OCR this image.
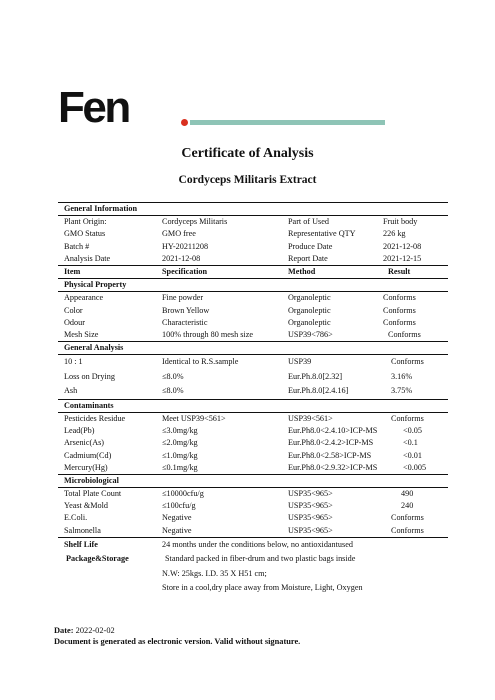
Fen
Certificate of Analysis
Cordyceps Militaris Extract
General Information
Plant Origin:	Cordyceps Militaris	Part of Used	Fruit body
GMO Status	GMO free	Representative QTY	226 kg
Batch #	HY-20211208	Produce Date	2021-12-08
Analysis Date	2021-12-08	Report Date	2021-12-15
Item	Specification	Method	Result
Physical Property
Appearance	Fine powder	Organoleptic	Conforms
Color	Brown Yellow	Organoleptic	Conforms
Odour	Characteristic	Organoleptic	Conforms
Mesh Size	100% through 80 mesh size	USP39<786>	Conforms
General Analysis
10 : 1	Identical to R.S.sample	USP39	Conforms
Loss on Drying	≤8.0%	Eur.Ph.8.0[2.32]	3.16%
Ash	≤8.0%	Eur.Ph.8.0[2.4.16]	3.75%
Contaminants
Pesticides Residue	Meet USP39<561>	USP39<561>	Conforms
Lead(Pb)	≤3.0mg/kg	Eur.Ph8.0<2.4.10>ICP-MS	<0.05
Arsenic(As)	≤2.0mg/kg	Eur.Ph8.0<2.4.2>ICP-MS	<0.1
Cadmium(Cd)	≤1.0mg/kg	Eur.Ph8.0<2.58>ICP-MS	<0.01
Mercury(Hg)	≤0.1mg/kg	Eur.Ph8.0<2.9.32>ICP-MS	<0.005
Microbiological
Total Plate Count	≤10000cfu/g	USP35<965>	490
Yeast &Mold	≤100cfu/g	USP35<965>	240
E.Coli.	Negative	USP35<965>	Conforms
Salmonella	Negative	USP35<965>	Conforms
Shelf Life	24 months under the conditions below, no antioxidantused
Package&Storage	Standard packed in fiber-drum and two plastic bags inside
N.W: 25kgs. I.D. 35 X H51 cm;
Store in a cool,dry place away from Moisture, Light, Oxygen
Date: 2022-02-02
Document is generated as electronic version. Valid without signature.
